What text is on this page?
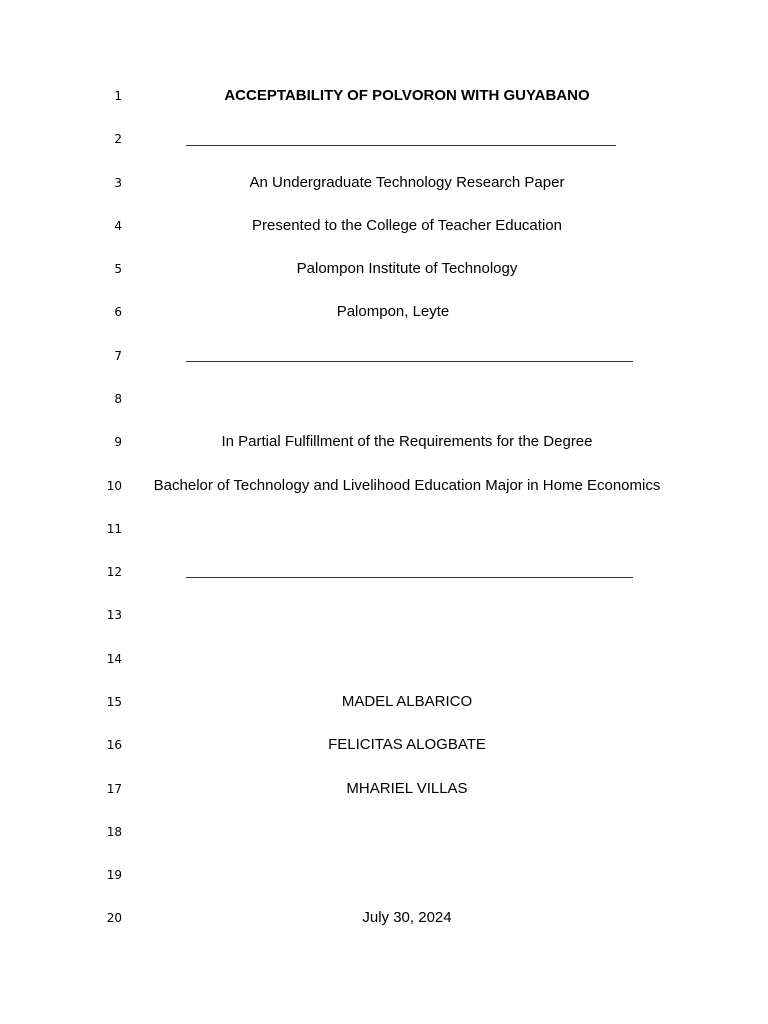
1	ACCEPTABILITY OF POLVORON WITH GUYABANO
2
3	An Undergraduate Technology Research Paper
4	Presented to the College of Teacher Education
5	Palompon Institute of Technology
6	Palompon, Leyte
7
8
9	In Partial Fulfillment of the Requirements for the Degree
10	Bachelor of Technology and Livelihood Education Major in Home Economics
11
12
13
14
15	MADEL ALBARICO
16	FELICITAS ALOGBATE
17	MHARIEL VILLAS
18
19
20	July 30, 2024
